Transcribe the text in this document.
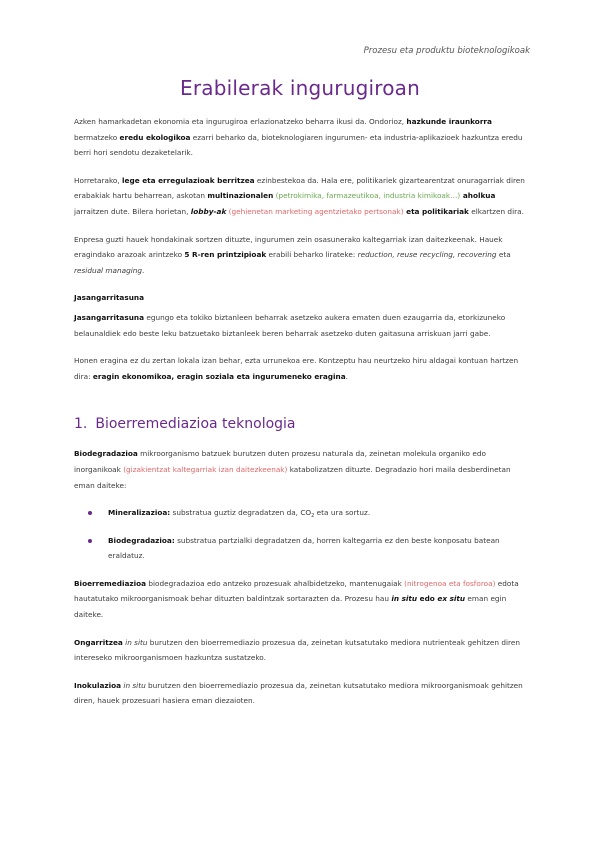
Prozesu eta produktu bioteknologikoak
Erabilerak ingurugiroan

Azken hamarkadetan ekonomia eta ingurugiroa erlazionatzeko beharra ikusi da. Ondorioz, hazkunde iraunkorra bermatzeko eredu ekologikoa ezarri beharko da, bioteknologiaren ingurumen- eta industria-aplikazioek hazkuntza eredu berri hori sendotu dezaketelarik.

Horretarako, lege eta erregulazioak berritzea ezinbestekoa da. Hala ere, politikariek gizartearentzat onuragarriak diren erabakiak hartu beharrean, askotan multinazionalen (petrokimika, farmazeutikoa, industria kimikoak…) aholkua jarraitzen dute. Bilera horietan, lobby-ak (gehienetan marketing agentzietako pertsonak) eta politikariak elkartzen dira.

Enpresa guzti hauek hondakinak sortzen dituzte, ingurumen zein osasunerako kaltegarriak izan daitezkeenak. Hauek eragindako arazoak arintzeko 5 R-ren printzipioak erabili beharko lirateke: reduction, reuse recycling, recovering eta residual managing.

Jasangarritasuna

Jasangarritasuna egungo eta tokiko biztanleen beharrak asetzeko aukera ematen duen ezaugarria da, etorkizuneko belaunaldiek edo beste leku batzuetako biztanleek beren beharrak asetzeko duten gaitasuna arriskuan jarri gabe.

Honen eragina ez du zertan lokala izan behar, ezta urrunekoa ere. Kontzeptu hau neurtzeko hiru aldagai kontuan hartzen dira: eragin ekonomikoa, eragin soziala eta ingurumeneko eragina.

1. Bioerremediazioa teknologia

Biodegradazioa mikroorganismo batzuek burutzen duten prozesu naturala da, zeinetan molekula organiko edo inorganikoak (gizakientzat kaltegarriak izan daitezkeenak) katabolizatzen dituzte. Degradazio hori maila desberdinetan eman daiteke:

Mineralizazioa: substratua guztiz degradatzen da, $CO_2$ eta ura sortuz.
Biodegradazioa: substratua partzialki degradatzen da, horren kaltegarria ez den beste konposatu batean eraldatuz.

Bioerremediazioa biodegradazioa edo antzeko prozesuak ahalbidetzeko, mantenugaiak (nitrogenoa eta fosforoa) edota hautatutako mikroorganismoak behar dituzten baldintzak sortarazten da. Prozesu hau in situ edo ex situ eman egin daiteke.

Ongarritzea in situ burutzen den bioerremediazio prozesua da, zeinetan kutsatutako mediora nutrienteak gehitzen diren intereseko mikroorganismoen hazkuntza sustatzeko.

Inokulazioa in situ burutzen den bioerremediazio prozesua da, zeinetan kutsatutako mediora mikroorganismoak gehitzen diren, hauek prozesuari hasiera eman diezaioten.
